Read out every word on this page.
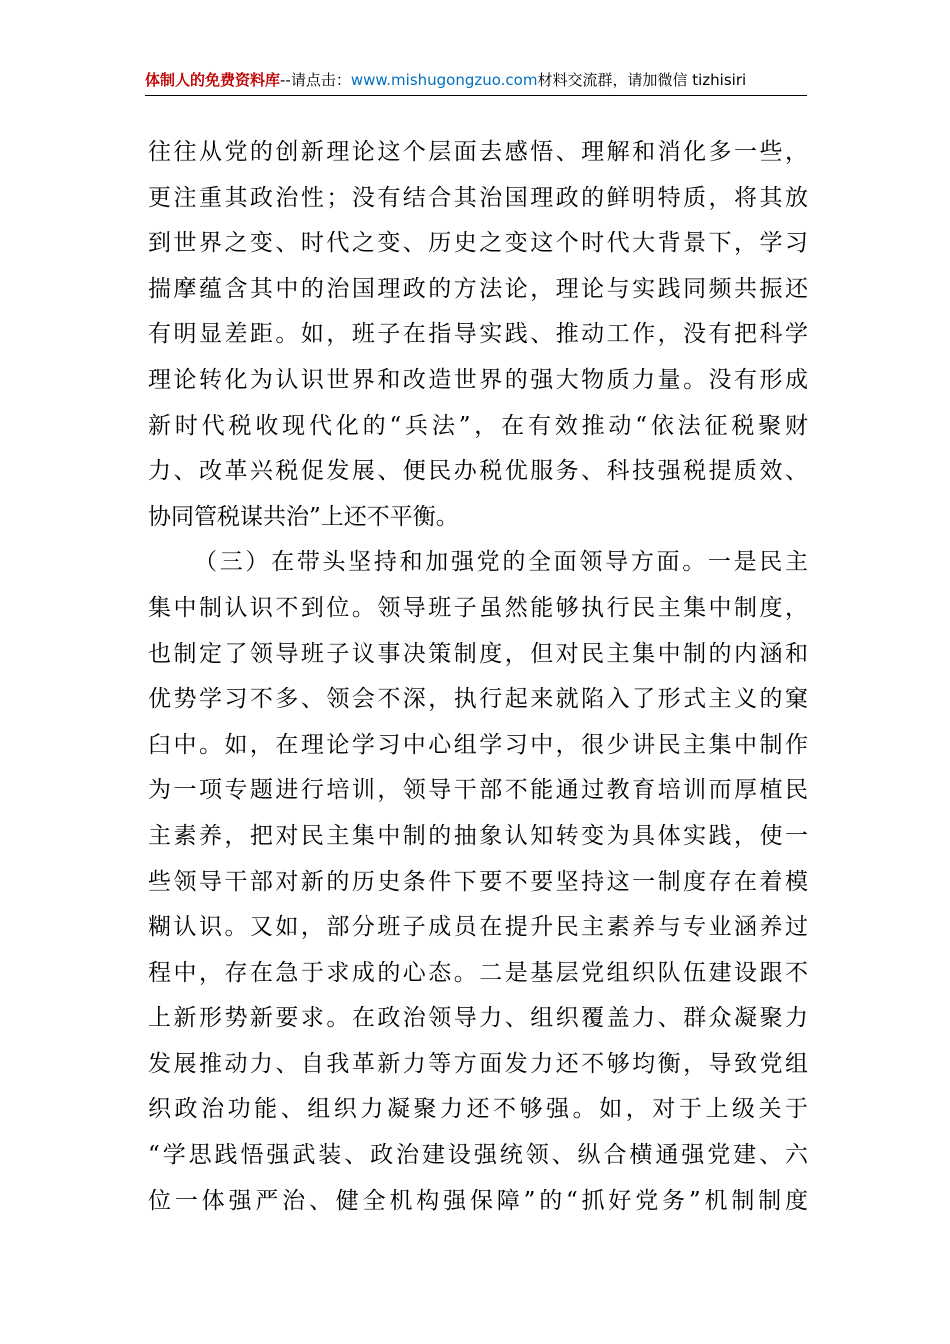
体制人的免费资料库--请点击：www.mishugongzuo.com材料交流群，请加微信 tizhisiri
往往从党的创新理论这个层面去感悟、理解和消化多一些，
更注重其政治性；没有结合其治国理政的鲜明特质，将其放
到世界之变、时代之变、历史之变这个时代大背景下，学习
揣摩蕴含其中的治国理政的方法论，理论与实践同频共振还
有明显差距。如，班子在指导实践、推动工作，没有把科学
理论转化为认识世界和改造世界的强大物质力量。没有形成
新时代税收现代化的“兵法”，在有效推动“依法征税聚财
力、改革兴税促发展、便民办税优服务、科技强税提质效、
协同管税谋共治”上还不平衡。
（三）在带头坚持和加强党的全面领导方面。一是民主
集中制认识不到位。领导班子虽然能够执行民主集中制度，
也制定了领导班子议事决策制度，但对民主集中制的内涵和
优势学习不多、领会不深，执行起来就陷入了形式主义的窠
臼中。如，在理论学习中心组学习中，很少讲民主集中制作
为一项专题进行培训，领导干部不能通过教育培训而厚植民
主素养，把对民主集中制的抽象认知转变为具体实践，使一
些领导干部对新的历史条件下要不要坚持这一制度存在着模
糊认识。又如，部分班子成员在提升民主素养与专业涵养过
程中，存在急于求成的心态。二是基层党组织队伍建设跟不
上新形势新要求。在政治领导力、组织覆盖力、群众凝聚力
发展推动力、自我革新力等方面发力还不够均衡，导致党组
织政治功能、组织力凝聚力还不够强。如，对于上级关于
“学思践悟强武装、政治建设强统领、纵合横通强党建、六
位一体强严治、健全机构强保障”的“抓好党务”机制制度
